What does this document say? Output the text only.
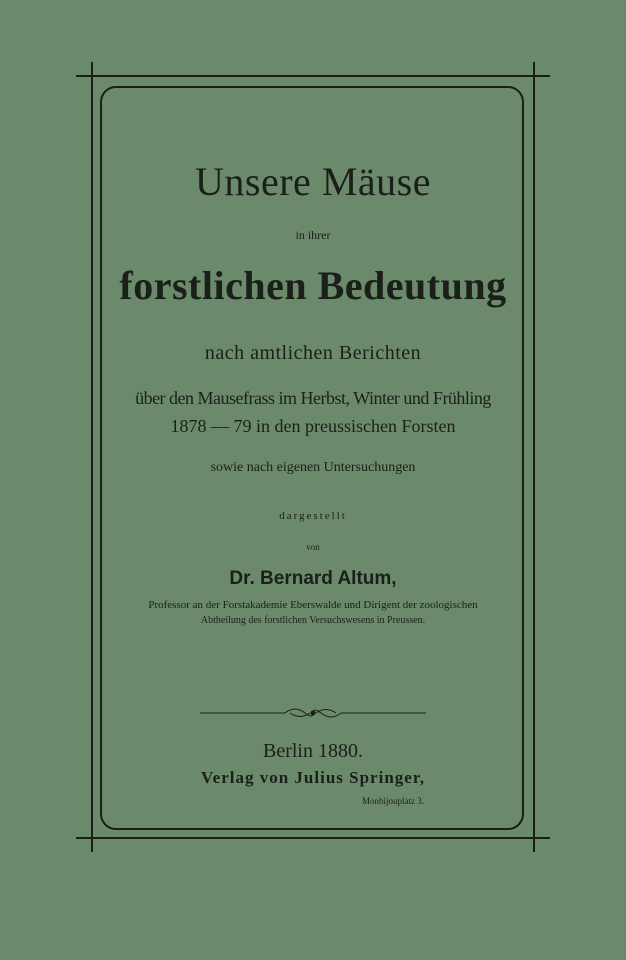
Unsere Mäuse
in ihrer
forstlichen Bedeutung
nach amtlichen Berichten
über den Mausefrass im Herbst, Winter und Frühling
1878 — 79 in den preussischen Forsten
sowie nach eigenen Untersuchungen
dargestellt
von
Dr. Bernard Altum,
Professor an der Forstakademie Eberswalde und Dirigent der zoologischen
Abtheilung des forstlichen Versuchswesens in Preussen.
Berlin 1880.
Verlag von Julius Springer,
Monbijouplatz 3.
